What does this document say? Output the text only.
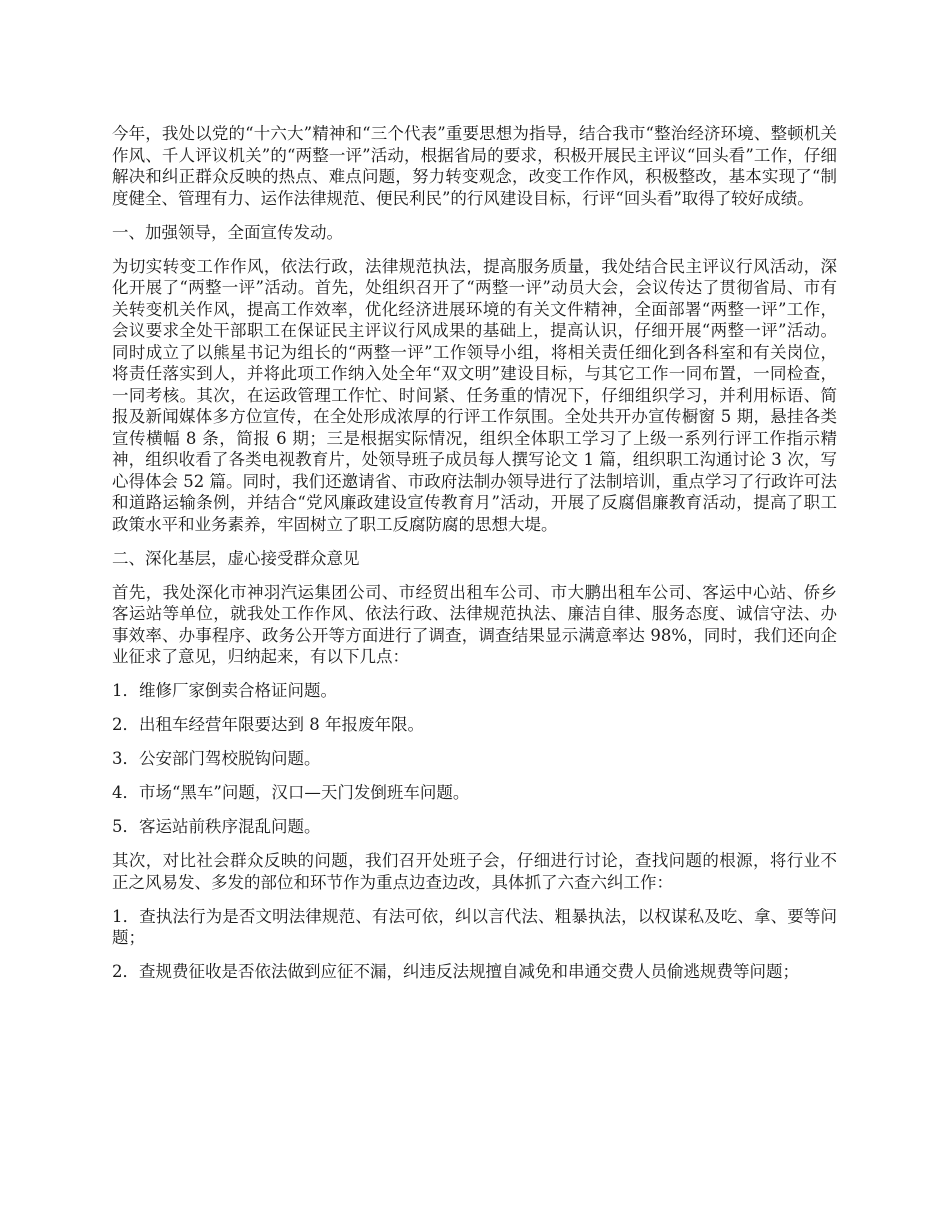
今年，我处以党的“十六大”精神和“三个代表”重要思想为指导，结合我市“整治经济环境、整顿机关作风、千人评议机关”的“两整一评”活动，根据省局的要求，积极开展民主评议“回头看”工作，仔细解决和纠正群众反映的热点、难点问题，努力转变观念，改变工作作风，积极整改，基本实现了“制度健全、管理有力、运作法律规范、便民利民”的行风建设目标，行评“回头看”取得了较好成绩。

一、加强领导，全面宣传发动。

为切实转变工作作风，依法行政，法律规范执法，提高服务质量，我处结合民主评议行风活动，深化开展了“两整一评”活动。首先，处组织召开了“两整一评”动员大会，会议传达了贯彻省局、市有关转变机关作风，提高工作效率，优化经济进展环境的有关文件精神，全面部署“两整一评”工作，会议要求全处干部职工在保证民主评议行风成果的基础上，提高认识，仔细开展“两整一评”活动。同时成立了以熊星书记为组长的“两整一评”工作领导小组，将相关责任细化到各科室和有关岗位，将责任落实到人，并将此项工作纳入处全年“双文明”建设目标，与其它工作一同布置，一同检查，一同考核。其次，在运政管理工作忙、时间紧、任务重的情况下，仔细组织学习，并利用标语、简报及新闻媒体多方位宣传，在全处形成浓厚的行评工作氛围。全处共开办宣传橱窗 5 期，悬挂各类宣传横幅 8 条，简报 6 期；三是根据实际情况，组织全体职工学习了上级一系列行评工作指示精神，组织收看了各类电视教育片，处领导班子成员每人撰写论文 1 篇，组织职工沟通讨论 3 次，写心得体会 52 篇。同时，我们还邀请省、市政府法制办领导进行了法制培训，重点学习了行政许可法和道路运输条例，并结合“党风廉政建设宣传教育月”活动，开展了反腐倡廉教育活动，提高了职工政策水平和业务素养，牢固树立了职工反腐防腐的思想大堤。

二、深化基层，虚心接受群众意见

首先，我处深化市神羽汽运集团公司、市经贸出租车公司、市大鹏出租车公司、客运中心站、侨乡客运站等单位，就我处工作作风、依法行政、法律规范执法、廉洁自律、服务态度、诚信守法、办事效率、办事程序、政务公开等方面进行了调查，调查结果显示满意率达 98%，同时，我们还向企业征求了意见，归纳起来，有以下几点：

1．维修厂家倒卖合格证问题。

2．出租车经营年限要达到 8 年报废年限。

3．公安部门驾校脱钩问题。

4．市场“黑车”问题，汉口—天门发倒班车问题。

5．客运站前秩序混乱问题。

其次，对比社会群众反映的问题，我们召开处班子会，仔细进行讨论，查找问题的根源，将行业不正之风易发、多发的部位和环节作为重点边查边改，具体抓了六查六纠工作：

1．查执法行为是否文明法律规范、有法可依，纠以言代法、粗暴执法，以权谋私及吃、拿、要等问题；

2．查规费征收是否依法做到应征不漏，纠违反法规擅自减免和串通交费人员偷逃规费等问题；
